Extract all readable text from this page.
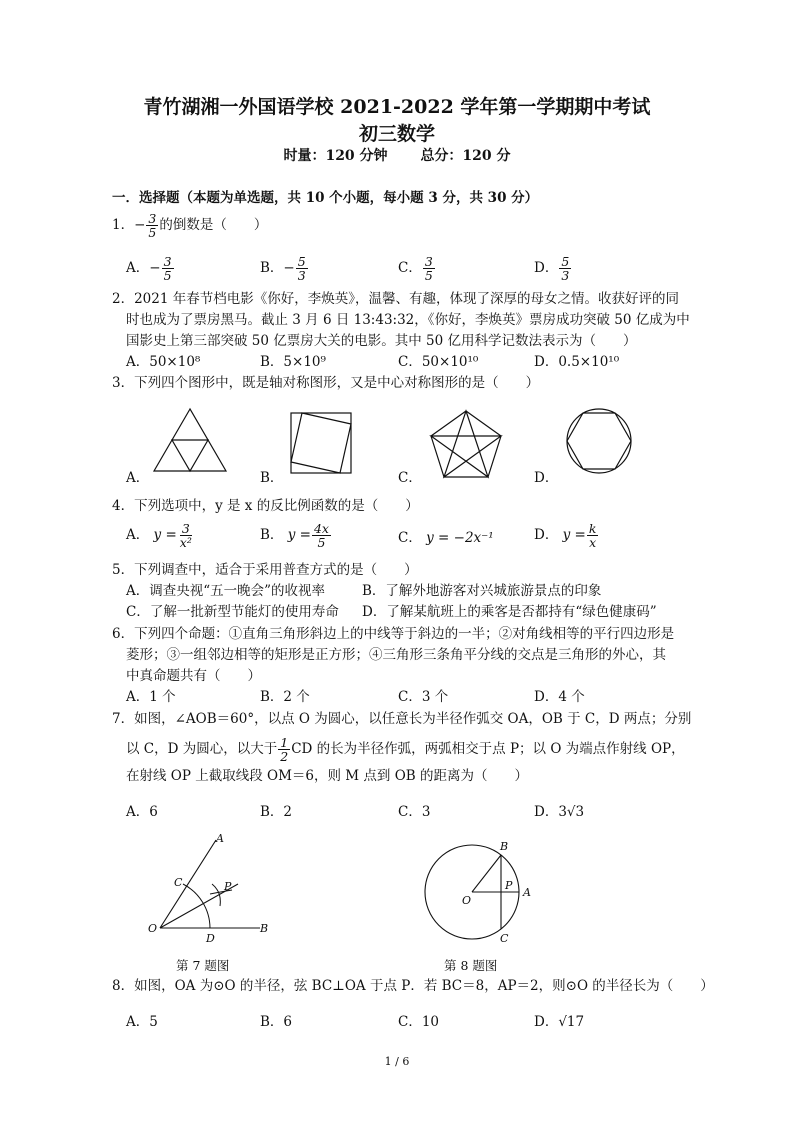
青竹湖湘一外国语学校 2021-2022 学年第一学期期中考试
初三数学
时量：120 分钟 总分：120 分
一．选择题（本题为单选题，共 10 个小题，每小题 3 分，共 30 分）
1．− $\frac{3}{5}$ 的倒数是（　　）
A．− $\frac{3}{5}$	B．− $\frac{5}{3}$	C． $\frac{3}{5}$	D． $\frac{5}{3}$
2．2021 年春节档电影《你好，李焕英》，温馨、有趣，体现了深厚的母女之情。收获好评的同
时也成为了票房黑马。截止 3 月 6 日 13:43:32，《你好，李焕英》票房成功突破 50 亿成为中
国影史上第三部突破 50 亿票房大关的电影。其中 50 亿用科学记数法表示为（　　）
A．50×10⁸	B．5×10⁹	C．50×10¹⁰	D．0.5×10¹⁰
3．下列四个图形中，既是轴对称图形，又是中心对称图形的是（　　）
A．	B．	C．	D．
4．下列选项中，y 是 x 的反比例函数的是（　　）
A． $y = \frac{3}{\text{x²}}$	B． $y = \frac{4x}{5}$	C． y = −2x⁻¹	D． $y = \frac{k}{x}$
5．下列调查中，适合于采用普查方式的是（　　）
A．调查央视“五一晚会”的收视率	B．了解外地游客对兴城旅游景点的印象
C．了解一批新型节能灯的使用寿命 D．了解某航班上的乘客是否都持有“绿色健康码”
6．下列四个命题：①直角三角形斜边上的中线等于斜边的一半；②对角线相等的平行四边形是
菱形；③一组邻边相等的矩形是正方形；④三角形三条角平分线的交点是三角形的外心，其
中真命题共有（　　）
A．1 个	B．2 个	C．3 个	D．4 个
7．如图，∠AOB＝60°，以点 O 为圆心，以任意长为半径作弧交 OA，OB 于 C，D 两点；分别
以 C，D 为圆心，以大于 $\frac{1}{2}$ CD 的长为半径作弧，两弧相交于点 P；以 O 为端点作射线 OP，
在射线 OP 上截取线段 OM＝6，则 M 点到 OB 的距离为（　　）
A．6	B．2	C．3	D．3√3
A
C	P
O
D
B
第 7 题图
B
P
A
O
C
第 8 题图
8．如图，OA 为⊙O 的半径，弦 BC⊥OA 于点 P．若 BC＝8，AP＝2，则⊙O 的半径长为（　　）
A．5	B．6	C．10	D．√17
1 / 6
